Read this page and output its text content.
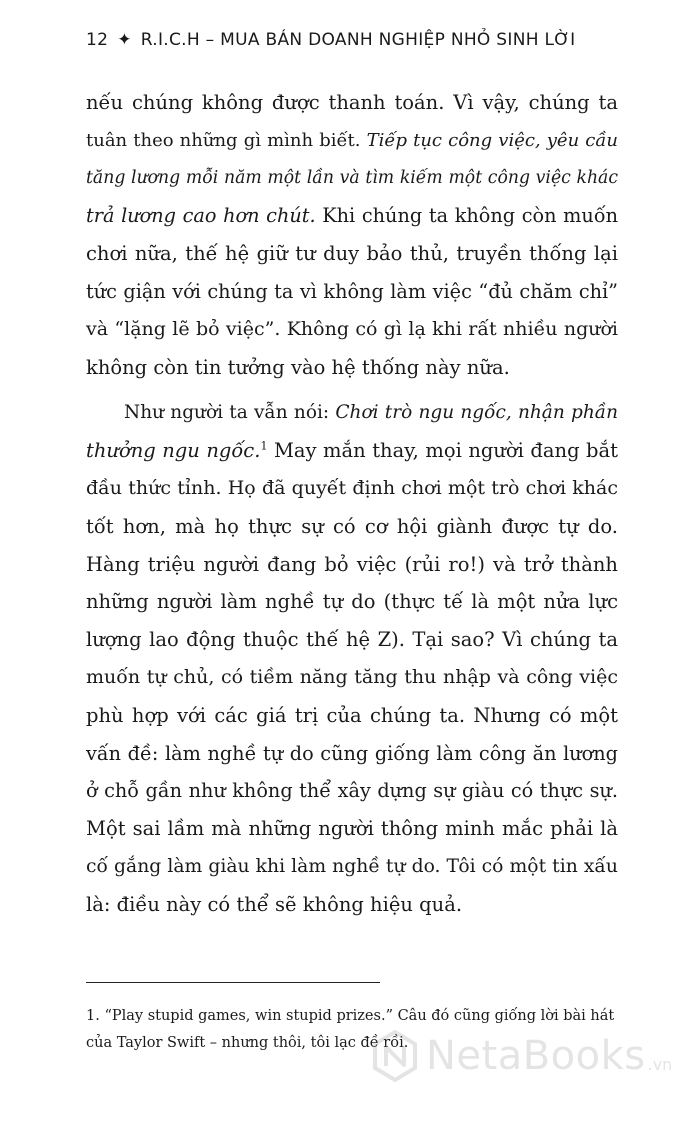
12 ✦ R.I.C.H – MUA BÁN DOANH NGHIỆP NHỎ SINH LỜI
nếu chúng không được thanh toán. Vì vậy, chúng ta
tuân theo những gì mình biết. Tiếp tục công việc, yêu cầu
tăng lương mỗi năm một lần và tìm kiếm một công việc khác
trả lương cao hơn chút. Khi chúng ta không còn muốn
chơi nữa, thế hệ giữ tư duy bảo thủ, truyền thống lại
tức giận với chúng ta vì không làm việc “đủ chăm chỉ”
và “lặng lẽ bỏ việc”. Không có gì lạ khi rất nhiều người
không còn tin tưởng vào hệ thống này nữa.
Như người ta vẫn nói: Chơi trò ngu ngốc, nhận phần
thưởng ngu ngốc.$^1$ May mắn thay, mọi người đang bắt
đầu thức tỉnh. Họ đã quyết định chơi một trò chơi khác
tốt hơn, mà họ thực sự có cơ hội giành được tự do.
Hàng triệu người đang bỏ việc (rủi ro!) và trở thành
những người làm nghề tự do (thực tế là một nửa lực
lượng lao động thuộc thế hệ Z). Tại sao? Vì chúng ta
muốn tự chủ, có tiềm năng tăng thu nhập và công việc
phù hợp với các giá trị của chúng ta. Nhưng có một
vấn đề: làm nghề tự do cũng giống làm công ăn lương
ở chỗ gần như không thể xây dựng sự giàu có thực sự.
Một sai lầm mà những người thông minh mắc phải là
cố gắng làm giàu khi làm nghề tự do. Tôi có một tin xấu
là: điều này có thể sẽ không hiệu quả.
1. “Play stupid games, win stupid prizes.” Câu đó cũng giống lời bài hát
của Taylor Swift – nhưng thôi, tôi lạc đề rồi. NetaBooks .vn
